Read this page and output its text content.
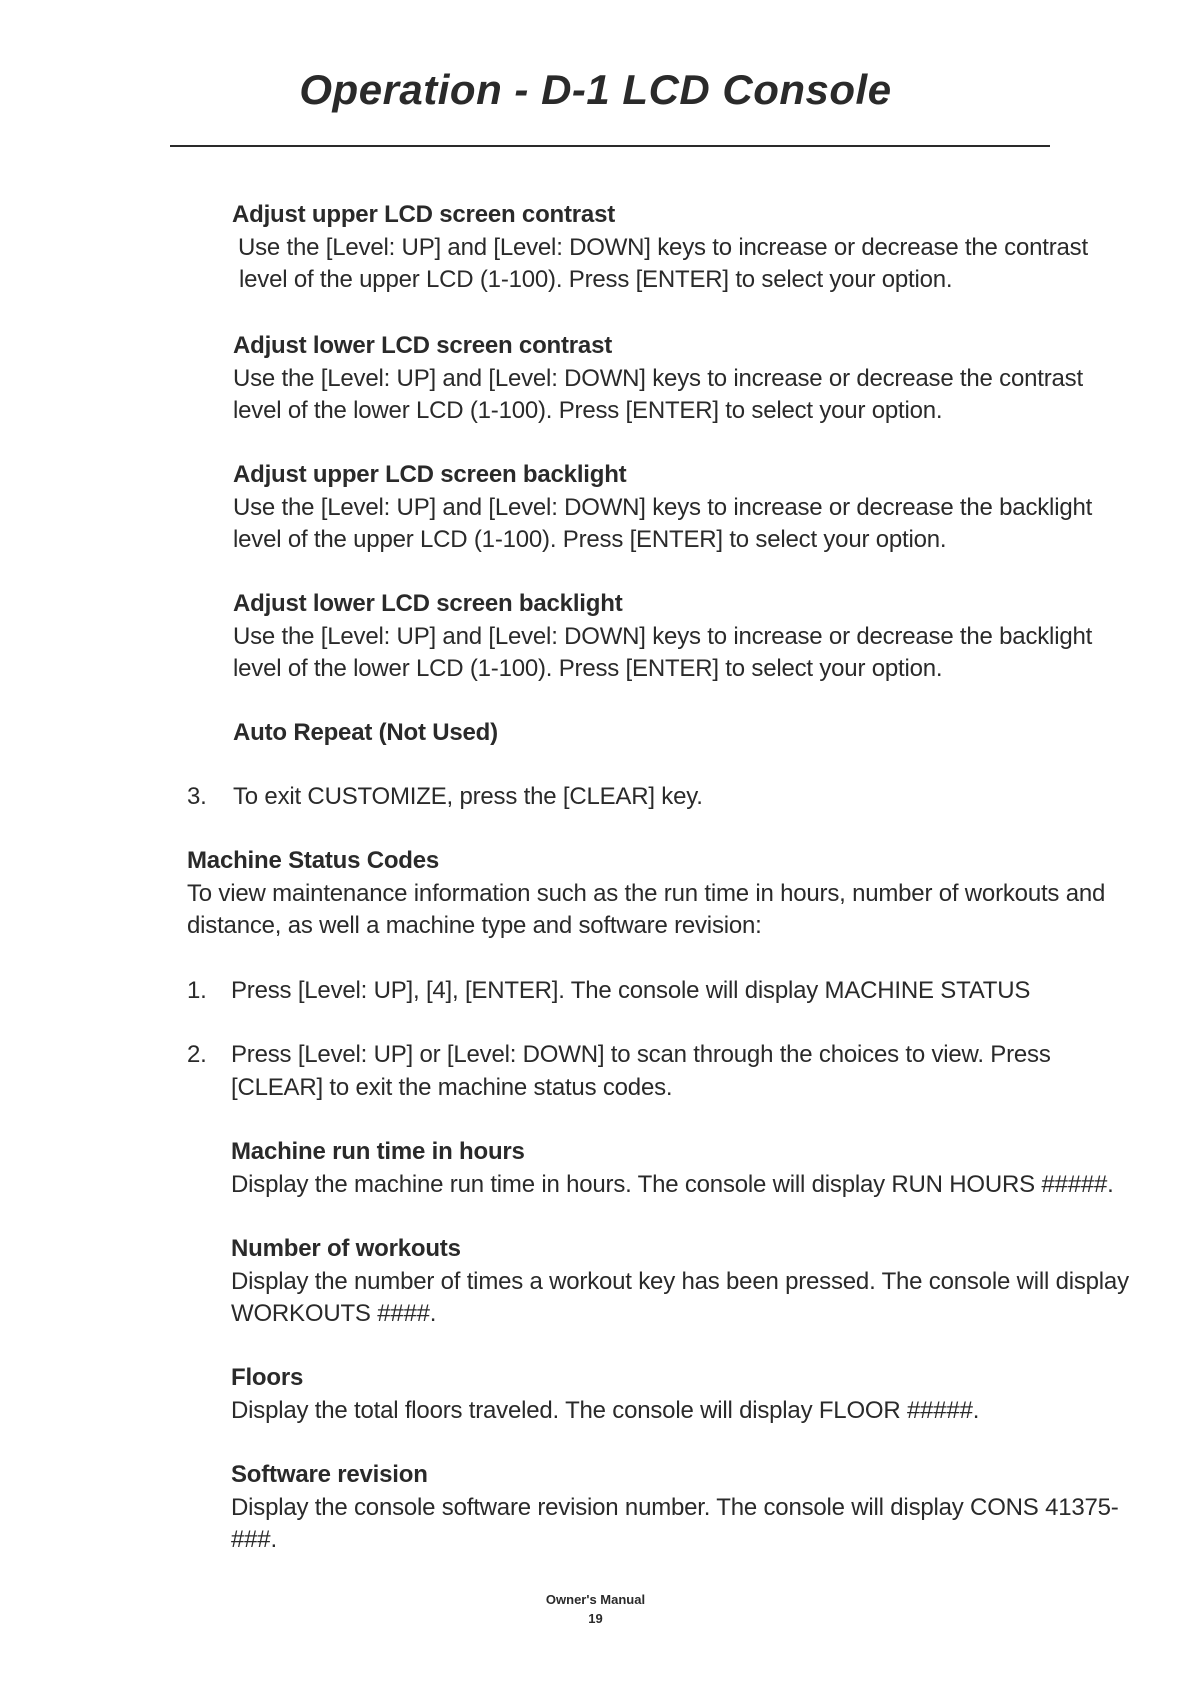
Operation - D-1 LCD Console
Adjust upper LCD screen contrast
Use the [Level: UP] and [Level: DOWN] keys to increase or decrease the contrast
level of the upper LCD (1-100). Press [ENTER] to select your option.
Adjust lower LCD screen contrast
Use the [Level: UP] and [Level: DOWN] keys to increase or decrease the contrast
level of the lower LCD (1-100). Press [ENTER] to select your option.
Adjust upper LCD screen backlight
Use the [Level: UP] and [Level: DOWN] keys to increase or decrease the backlight
level of the upper LCD (1-100). Press [ENTER] to select your option.
Adjust lower LCD screen backlight
Use the [Level: UP] and [Level: DOWN] keys to increase or decrease the backlight
level of the lower LCD (1-100). Press [ENTER] to select your option.
Auto Repeat (Not Used)
3.	To exit CUSTOMIZE, press the [CLEAR] key.
Machine Status Codes
To view maintenance information such as the run time in hours, number of workouts and
distance, as well a machine type and software revision:
1.	Press [Level: UP], [4], [ENTER]. The console will display MACHINE STATUS
2.	Press [Level: UP] or [Level: DOWN] to scan through the choices to view. Press
[CLEAR] to exit the machine status codes.
Machine run time in hours
Display the machine run time in hours. The console will display RUN HOURS #####.
Number of workouts
Display the number of times a workout key has been pressed. The console will display
WORKOUTS ####.
Floors
Display the total floors traveled. The console will display FLOOR #####.
Software revision
Display the console software revision number. The console will display CONS 41375-
###.
Owner's Manual
19
